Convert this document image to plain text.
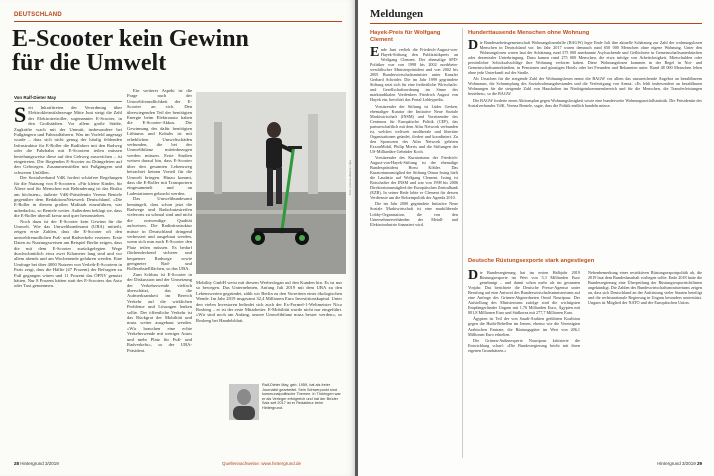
DEUTSCHLAND
E-Scooter kein Gewinn
für die Umwelt
Von Ralf-Dieter May
S eit Inkrafttreten der Verordnung über Elektrokleinstfahrzeuge Mitte Juni steigt die Zahl der Elektrotretroller, sogenannter E-Scooter, in den Großstädten. Vor allem große Städte, Zugkräfte wach mit der Ummüt, insbesondere bei Fußgängern und Fahrradfahrern. Was im Vorfeld angesagt wurde – dass sich nicht genug der häufig fehlenden Infrastruktur für E-Roller die Radfahrer mit den Radweg oder die Fahrbahn mit E-Scootern teilen müssen bestehungsweise diese auf den Gehweg ausweichen – ist eingetreten. Die fliegenden E-Scooter zu Drängeleien auf den Gehwegen. Zusammenstößen mit Fußgängern und schweren Unfällen.

Der Sozialverband VdK fordert schärfere Regelungen für die Nutzung von E-Scootern. »Für kleine Kinder, für Ältere und für Menschen mit Behinderung ist das Risiko am höchsten«, äußerte VdK-Präsidentin Verena Bentele gegenüber dem RedaktionsNetzwerk Deutschland. »Die E-Roller in diesem großen Maßstab einzuführen, war unbedacht«, so Bentele weiter. Außerdem beklagt sie, dass die E-Roller überall kreuz und quer herumstehen.

Noch dazu ist der E-Scooter kein Gewinn für die Umwelt. Wie das Umweltbundesamt (UBA) mitteilt, zeigen erste Zahlen, dass die E-Scooter oft den umweltfreundlichen Fuß- und Radverkehr ersetzen. Erste Daten zu Nutzungsweisen am Beispiel Berlin zeigen, dass die mit dem E-Scooter zurückgelegten Wege durchschnittlich etwa zwei Kilometer lang sind und vor allem abends und am Wochenende gefahren werden. Eine Umfrage bei über 4000 Nutzern von Verleih-E-Scootern in Paris zeigt, dass die Hälfte (47 Prozent) der Befragten zu Fuß gegangen wären und 11 Prozent das ÖPNV genutzt hätten. Nur 8 Prozent hätten statt des E-Scooters das Auto oder Taxi genommen.

Ein weiterer Aspekt ist die Frage nach der Umweltfreundlichkeit der E-Scooter an sich. Den überwiegenden Teil der benötigten Energie beim Elektroauto haben die E-Scooter-Akkus. Die Gewinnung des dafür benötigten Lithiums und Kobalts ist mit erheblichen Umweltschäden verbunden, die bei der Umweltbilanz miteinbezogen werden müssen. Erste Studien weisen darauf hin, dass E-Scooter über den gesamten Lebensweg betrachtet keinen Vorteil für die Umwelt bringen. Hinzu kommt, dass die E-Roller mit Transportern eingesammelt und an Ladestationen gebracht werden.

Das Umweltbundesamt bemängelt, dass schon jetzt die Radwege und Radschutzstreifen vielerorts zu schmal sind und nicht die notwendige Qualität aufweisen. Die Radinfrastruktur müsse in Deutschland dringend verbessert und ausgebaut werden, wenn sich nun auch E-Scooter den Platz teilen müssen. Es bedarf flächendeckend sicherer und bequemer Radwege sowie geeigneter Rad- und Rollerabstellflächen, so das UBA.

Zum Schluss ist E-Scooter in der Diskussion und der Umsetzung der Verkehrswende vielfach überschätzt, das die Aufmerksamkeit im Bereich Verkehr auf die wirklichen Probleme und Lösungen lenken sollte. Der öffentliche Verkehr ist das Rückgrat der Mobilität und muss weiter ausgebaut werden. »Wir brauchen eine echte Verkehrswende mit weniger Autos und mehr Platz für Fuß- und Radverkehr«, so der UBA-Präsident.

Foto: picture alliance / dpa

Mobility GmbH weist mit diesem Werbeslogan auf den Kunden hin. Es ist nur so bewegen. Das Unternehmen, Anfang Juli 2019 mit dem UBA zu den Lebenswerten gegründet, zählt wir Berlin zu den Vorreitern einer ökologischen Wende. Im Jahr 2019 insgesamt 32,4 Millionen Euro Investitionskapital. Unter den vielen Investoren befindet sich auch der Ex-Formel-1-Weltmeister Nico Rosberg – er ist der erste Mitarbeiter. E-Mobilität wurde nicht nur eingeführt. »Wir sind noch am Anfang, unsere Umweltbilanz muss besser werden«, so Rosberg bei Handelsblatt.

Ralf-Dieter May, geb. 1959, hat als freier Journalist gearbeitet. Sein Schwerpunkt sind kommunalpolitische Themen. In Thüringen war er als Verleger erfolgreich und hat der Brüder Salz seit 2017 ist er Redakteur beim Hintergrund.
28 Hintergrund 3/2019	Quellennachweise: www.hintergrund.de
Meldungen
Hayek-Preis für Wolfgang Clement
E nde Juni verlieh die Friedrich-August-von-Hayek-Stiftung den Publizistikpreis an Wolfgang Clement. Der ehemalige SPD-Politiker war von 1998 bis 2002 nordrhein-westfälischer Ministerpräsident und von 2002 bis 2005 Bundeswirtschaftsminister unter Kanzler Gerhard Schröder. Die im Jahr 1999 gegründete Stiftung setzt sich für eine freiheitliche Wirtschafts- und Gesellschaftsordnung im Sinne des marktradikalen Vordenkers Friedrich August von Hayek ein, berichtet das Portal Lobbypedia.

Vorsitzender der Stiftung ist Lüder Gerken, ehemaliger Kurator der Initiative Neue Soziale Marktwirtschaft (INSM) und Vorsitzender des Centrums für Europäische Politik (CEP), das partnerschaftlich mit dem Atlas Network verbunden ist, welches weltweit neoliberale und libertäre Organisationen gründet, fördert und koordiniert. Zu den Sponsoren des Atlas Network gehören ExxonMobil, Philip Morris und die Stiftungen der US-Milliardäre Gebrüder Koch.

Vorsitzender des Kuratoriums der Friedrich-August-von-Hayek-Stiftung ist der ehemalige Bundespräsident Horst Köhler. Das Kuratoriumsmitglied der Stiftung Otmar Issing hielt die Laudatio auf Wolfgang Clement. Issing ist Botschafter der INSM und war von 1998 bis 2006 Direktoriumsmitglied der Europäischen Zentralbank (EZB). In seiner Rede lobte er Clement für dessen Verdienste um die Reformpolitik der Agenda 2010.

Die im Jahr 2000 gegründete Initiative Neue Soziale Marktwirtschaft ist eine marktliberale Lobby-Organisation, die von den Unternehmerverbänden der Metall- und Elektroindustrie finanziert wird.

Hunderttausende Menschen ohne Wohnung
D ie Bundesarbeitsgemeinschaft Wohnungslosenhilfe (BAGW) legte Ende Juli ihre aktuelle Schätzung zur Zahl der wohnungslosen Menschen in Deutschland vor. Im Jahr 2017 waren demnach rund 650 000 Menschen ohne eigene Wohnung. Unter den Wohnungslosen waren laut der Schätzung rund 375 000 anerkannte Asylsuchende und Geflüchtete in Gemeinschaftsunterkünften oder dezentraler Unterbringung. Dazu kamen rund 275 000 Menschen, die etwa infolge von Arbeitslosigkeit, Mietschulden oder persönlicher Schicksalsschläge ihre Wohnung verloren haben. Diese Wohnungslosen kommen in der Regel in Not- und Gemeinschaftsunterkünften, in Pensionen und günstigen Hotels oder bei Freunden und Bekannten unter. Rund 48 000 Menschen leben ohne jede Unterkunft auf der Straße.

Als Ursachen für die steigende Zahl der Wohnungslosen nennt die BAGW vor allem das unzureichende Angebot an bezahlbarem Wohnraum, die Schrumpfung des Sozialwohnungsbestandes und die Verfestigung von Armut. »Es fehlt insbesondere an bezahlbaren Wohnungen für die steigende Zahl von Haushalten im Niedrigeinkommensbereich und für die Menschen, die Transferleistungen beziehen«, so die BAGW.

Die BAGW forderte einen Aktionsplan gegen Wohnungslosigkeit sowie eine bundesweite Wohnungsnotfallstatistik. Die Präsidentin des Sozialverbandes VdK, Verena Bentele, sagte, dass die Politik endlich handeln müsse.

Deutsche Rüstungsexporte stark angestiegen
D ie Bundesregierung hat im ersten Halbjahr 2019 Rüstungsexporte im Wert von 5,3 Milliarden Euro genehmigt – und damit schon mehr als im gesamten Vorjahr. Das berichtete die Deutsche Presse-Agentur unter Berufung auf eine Antwort des Bundeswirtschaftsministeriums auf eine Anfrage des Grünen-Abgeordneten Omid Nouripour. Der Aufstellung des Ministeriums zufolge sind die wichtigsten Empfängerländer Ungarn mit 1,76 Milliarden Euro, Ägypten mit 801,8 Millionen Euro und Südkorea mit 277,7 Millionen Euro.

Ägypten ist Teil der von Saudi-Arabien geführten Koalition gegen die Huthi-Rebellen im Jemen, ebenso wie die Vereinigten Arabischen Emirate, die Rüstungsgüter im Wert von 206,1 Millionen Euro erhielten.

Die Grünen-Außenexperte Nouripour kritisierte die Entwicklung scharf: »Die Bundesregierung bricht mit ihren eigenen Grundsätzen.«

Nebenbemerkung einer restriktiven Rüstungsexportpolitik ab, die 2019 laut dem Bundeshaushalt vorliegen sollte. Ende 2018 hatte die Bundesregierung eine Überprüfung der Rüstungsexportrichtlinien angekündigt. Die Zahlen des Bundeswirtschaftsministeriums zeigen an, dass sich Deutschland an der Aufrüstung vieler Staaten beteiligt und die rechtsnationale Regierung in Ungarn besonders unterstützt. Ungarn ist Mitglied der NATO und der Europäischen Union.

Hintergrund 3/2019 29
